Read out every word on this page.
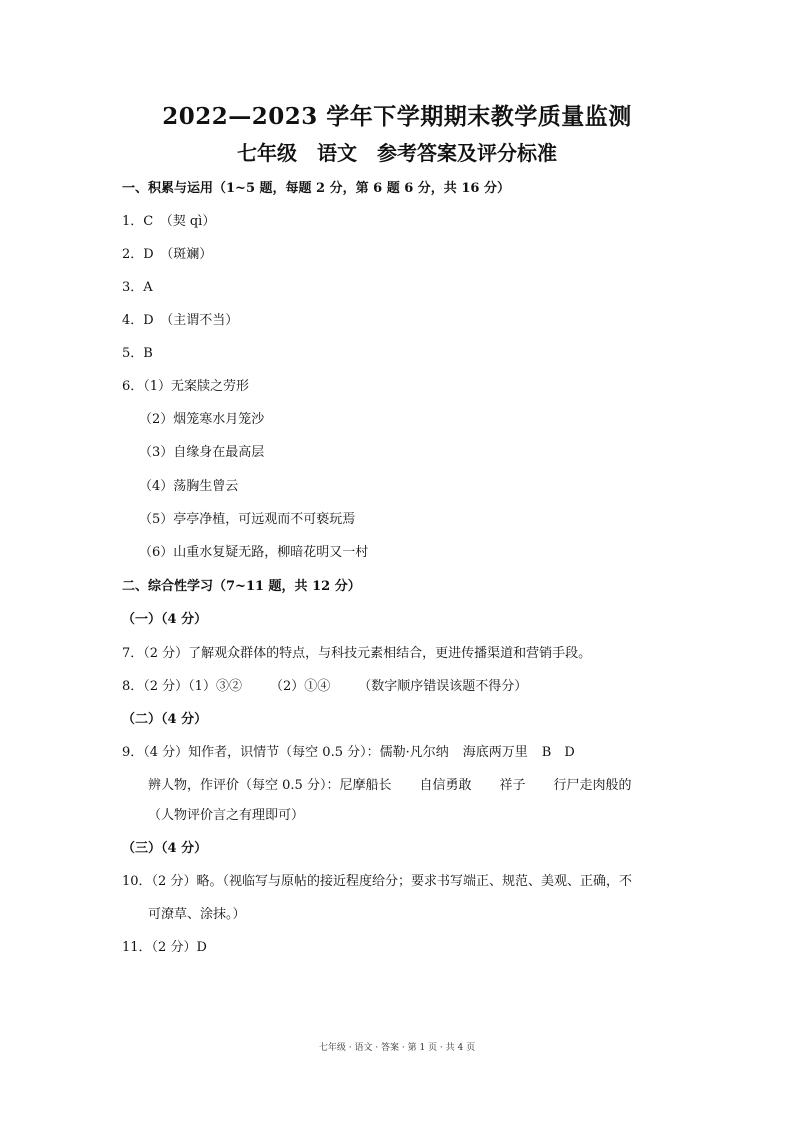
2022—2023 学年下学期期末教学质量监测
七年级　语文　参考答案及评分标准
一、积累与运用（1~5 题，每题 2 分，第 6 题 6 分，共 16 分）
1．C　（契 qì）
2．D　（斑斓）
3．A
4．D　（主谓不当）
5．B
6．（1）无案牍之劳形
（2）烟笼寒水月笼沙
（3）自缘身在最高层
（4）荡胸生曾云
（5）亭亭净植，可远观而不可亵玩焉
（6）山重水复疑无路，柳暗花明又一村
二、综合性学习（7~11 题，共 12 分）
（一）（4 分）
7．（2 分）了解观众群体的特点，与科技元素相结合，更进传播渠道和营销手段。
8．（2 分）（1）③② （2）①④ （数字顺序错误该题不得分）
（二）（4 分）
9．（4 分）知作者，识情节（每空 0.5 分）：儒勒·凡尔纳 海底两万里 B　D
辨人物，作评价（每空 0.5 分）：尼摩船长 自信勇敢 祥子 行尸走肉般的
（人物评价言之有理即可）
（三）（4 分）
10．（2 分）略。（视临写与原帖的接近程度给分；要求书写端正、规范、美观、正确，不
可潦草、涂抹。）
11．（2 分）D
七年级 · 语文 · 答案 · 第 1 页 · 共 4 页
